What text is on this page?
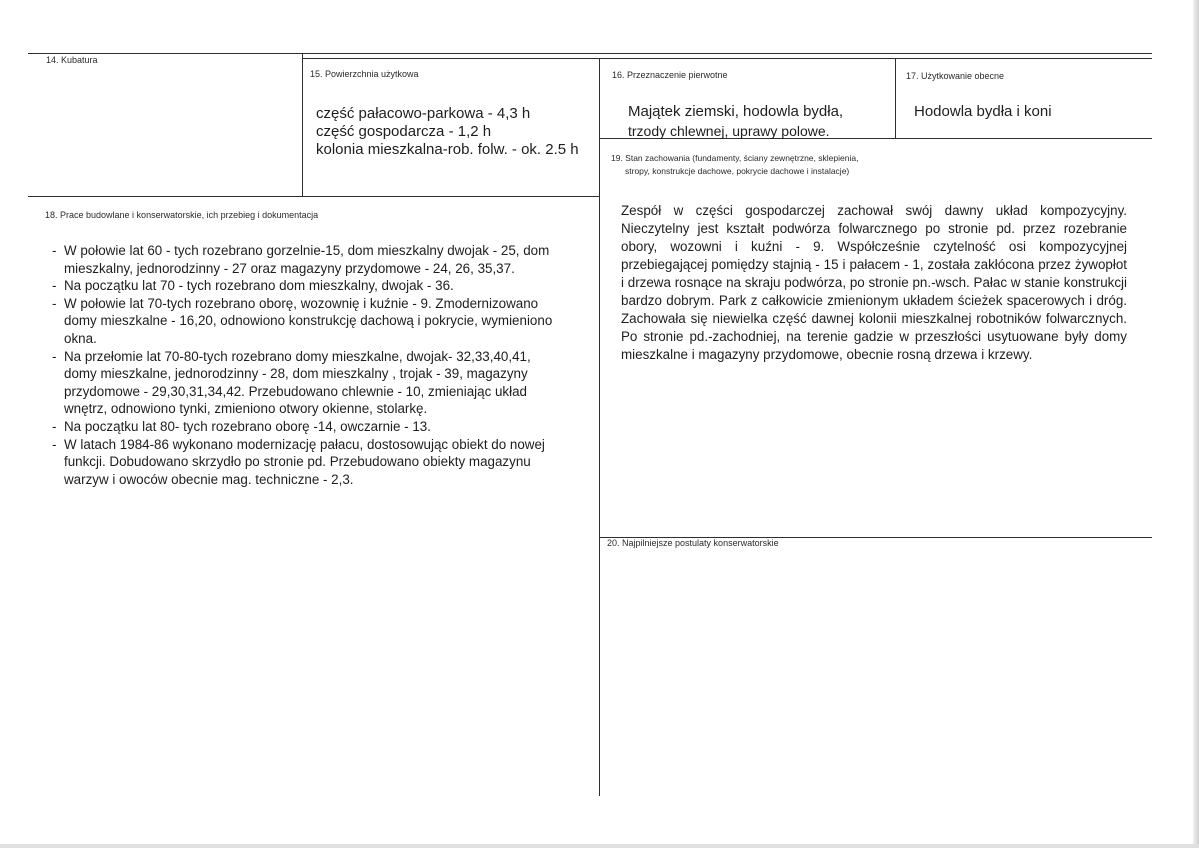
14. Kubatura
15. Powierzchnia użytkowa
część pałacowo-parkowa - 4,3 h
część gospodarcza - 1,2 h
kolonia mieszkalna-rob. folw. - ok. 2.5 h
16. Przeznaczenie pierwotne
Majątek ziemski, hodowla bydła,
trzody chlewnej, uprawy polowe.
17. Użytkowanie obecne
Hodowla bydła i koni
19. Stan zachowania (fundamenty, ściany zewnętrzne, sklepienia,
stropy, konstrukcje dachowe, pokrycie dachowe i instalacje)

Zespół w części gospodarczej zachował swój dawny układ kompozycyjny. Nieczytelny jest kształt podwórza folwarcznego po stronie pd. przez rozebranie obory, wozowni i kuźni - 9. Współcześnie czytelność osi kompozycyjnej przebiegającej pomiędzy stajnią - 15 i pałacem - 1, została zakłócona przez żywopłot i drzewa rosnące na skraju podwórza, po stronie pn.-wsch. Pałac w stanie konstrukcji bardzo dobrym. Park z całkowicie zmienionym układem ścieżek spacerowych i dróg. Zachowała się niewielka część dawnej kolonii mieszkalnej robotników folwarcznych. Po stronie pd.-zachodniej, na terenie gadzie w przeszłości usytuowane były domy mieszkalne i magazyny przydomowe, obecnie rosną drzewa i krzewy.

18. Prace budowlane i konserwatorskie, ich przebieg i dokumentacja
- W połowie lat 60 - tych rozebrano gorzelnie-15, dom mieszkalny dwojak - 25, dom mieszkalny, jednorodzinny - 27 oraz magazyny przydomowe - 24, 26, 35,37.
- Na początku lat 70 - tych rozebrano dom mieszkalny, dwojak - 36.
- W połowie lat 70-tych rozebrano oborę, wozownię i kuźnie - 9. Zmodernizowano domy mieszkalne - 16,20, odnowiono konstrukcję dachową i pokrycie, wymieniono okna.
- Na przełomie lat 70-80-tych rozebrano domy mieszkalne, dwojak- 32,33,40,41, domy mieszkalne, jednorodzinny - 28, dom mieszkalny , trojak - 39, magazyny przydomowe - 29,30,31,34,42. Przebudowano chlewnie - 10, zmieniając układ wnętrz, odnowiono tynki, zmieniono otwory okienne, stolarkę.
- Na początku lat 80- tych rozebrano oborę -14, owczarnie - 13.
- W latach 1984-86 wykonano modernizację pałacu, dostosowując obiekt do nowej funkcji. Dobudowano skrzydło po stronie pd. Przebudowano obiekty magazynu warzyw i owoców obecnie mag. techniczne - 2,3.
20. Najpilniejsze postulaty konserwatorskie
